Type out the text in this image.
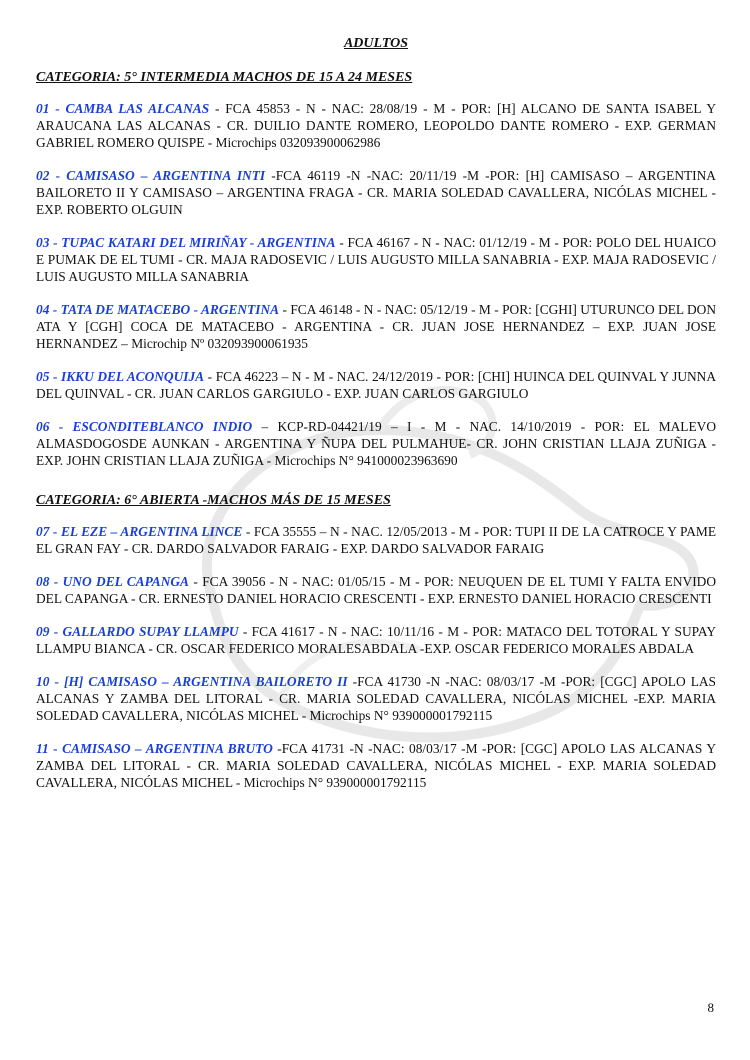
ADULTOS
CATEGORIA: 5° INTERMEDIA MACHOS DE 15 A 24 MESES

01 - CAMBA LAS ALCANAS - FCA 45853 - N - NAC: 28/08/19 - M - POR: [H] ALCANO DE SANTA ISABEL Y ARAUCANA LAS ALCANAS - CR. DUILIO DANTE ROMERO, LEOPOLDO DANTE ROMERO - EXP. GERMAN GABRIEL ROMERO QUISPE - Microchips 032093900062986

02 - CAMISASO – ARGENTINA INTI -FCA 46119 -N -NAC: 20/11/19 -M -POR: [H] CAMISASO – ARGENTINA BAILORETO II Y CAMISASO – ARGENTINA FRAGA - CR. MARIA SOLEDAD CAVALLERA, NICÓLAS MICHEL -EXP. ROBERTO OLGUIN

03 - TUPAC KATARI DEL MIRIÑAY - ARGENTINA - FCA 46167 - N - NAC: 01/12/19 - M - POR: POLO DEL HUAICO E PUMAK DE EL TUMI - CR. MAJA RADOSEVIC / LUIS AUGUSTO MILLA SANABRIA - EXP. MAJA RADOSEVIC / LUIS AUGUSTO MILLA SANABRIA

04 - TATA DE MATACEBO - ARGENTINA - FCA 46148 - N - NAC: 05/12/19 - M - POR: [CGHI] UTURUNCO DEL DON ATA Y [CGH] COCA DE MATACEBO - ARGENTINA - CR. JUAN JOSE HERNANDEZ – EXP. JUAN JOSE HERNANDEZ – Microchip Nº 032093900061935

05 - IKKU DEL ACONQUIJA - FCA 46223 – N - M - NAC. 24/12/2019 - POR: [CHI] HUINCA DEL QUINVAL Y JUNNA DEL QUINVAL - CR. JUAN CARLOS GARGIULO - EXP. JUAN CARLOS GARGIULO

06 - ESCONDITEBLANCO INDIO – KCP-RD-04421/19 – I - M - NAC. 14/10/2019 - POR: EL MALEVO ALMASDOGOSDE AUNKAN - ARGENTINA Y ÑUPA DEL PULMAHUE- CR. JOHN CRISTIAN LLAJA ZUÑIGA - EXP. JOHN CRISTIAN LLAJA ZUÑIGA - Microchips N° 941000023963690

CATEGORIA: 6° ABIERTA -MACHOS MÁS DE 15 MESES

07 - EL EZE – ARGENTINA LINCE - FCA 35555 – N - NAC. 12/05/2013 - M - POR: TUPI II DE LA CATROCE Y PAME EL GRAN FAY - CR. DARDO SALVADOR FARAIG - EXP. DARDO SALVADOR FARAIG

08 - UNO DEL CAPANGA - FCA 39056 - N - NAC: 01/05/15 - M - POR: NEUQUEN DE EL TUMI Y FALTA ENVIDO DEL CAPANGA - CR. ERNESTO DANIEL HORACIO CRESCENTI - EXP. ERNESTO DANIEL HORACIO CRESCENTI

09 - GALLARDO SUPAY LLAMPU - FCA 41617 - N - NAC: 10/11/16 - M - POR: MATACO DEL TOTORAL Y SUPAY LLAMPU BIANCA - CR. OSCAR FEDERICO MORALESABDALA -EXP. OSCAR FEDERICO MORALES ABDALA

10 - [H] CAMISASO – ARGENTINA BAILORETO II -FCA 41730 -N -NAC: 08/03/17 -M -POR: [CGC] APOLO LAS ALCANAS Y ZAMBA DEL LITORAL - CR. MARIA SOLEDAD CAVALLERA, NICÓLAS MICHEL -EXP. MARIA SOLEDAD CAVALLERA, NICÓLAS MICHEL - Microchips N° 939000001792115

11 - CAMISASO – ARGENTINA BRUTO -FCA 41731 -N -NAC: 08/03/17 -M -POR: [CGC] APOLO LAS ALCANAS Y ZAMBA DEL LITORAL - CR. MARIA SOLEDAD CAVALLERA, NICÓLAS MICHEL - EXP. MARIA SOLEDAD CAVALLERA, NICÓLAS MICHEL - Microchips N° 939000001792115

8
